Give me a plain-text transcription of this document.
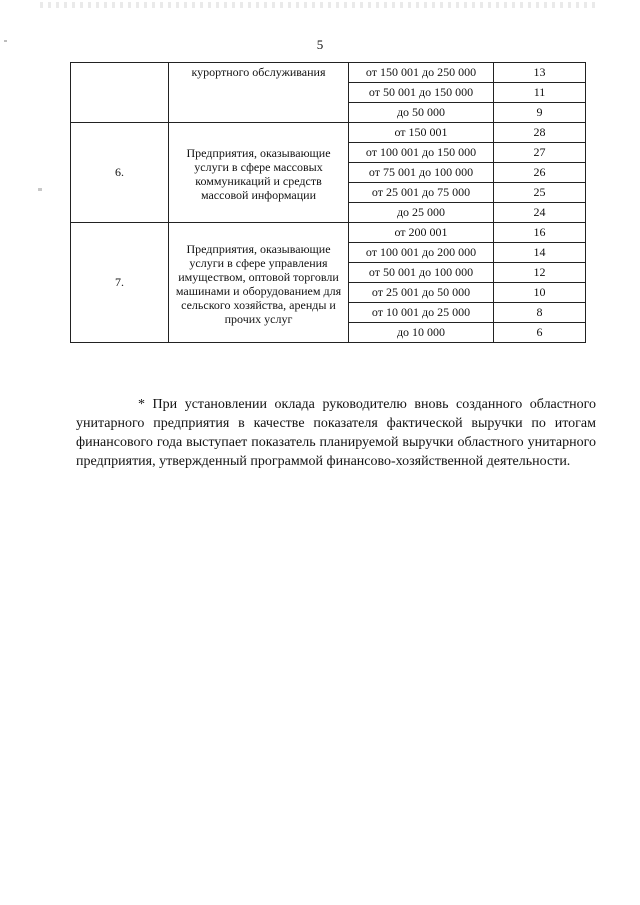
5
	курортного обслуживания	от 150 001 до 250 000	13
		от 50 001 до 150 000	11
		до 50 000	9
6.	Предприятия, оказывающие услуги в сфере массовых коммуникаций и средств массовой информации	от 150 001	28
		от 100 001 до 150 000	27
		от 75 001 до 100 000	26
		от 25 001 до 75 000	25
		до 25 000	24
7.	Предприятия, оказывающие услуги в сфере управления имуществом, оптовой торговли машинами и оборудованием для сельского хозяйства, аренды и прочих услуг	от 200 001	16
		от 100 001 до 200 000	14
		от 50 001 до 100 000	12
		от 25 001 до 50 000	10
		от 10 001 до 25 000	8
		до 10 000	6

* При установлении оклада руководителю вновь созданного областного унитарного предприятия в качестве показателя фактической выручки по итогам финансового года выступает показатель планируемой выручки областного унитарного предприятия, утвержденный программой финансово-хозяйственной деятельности.
